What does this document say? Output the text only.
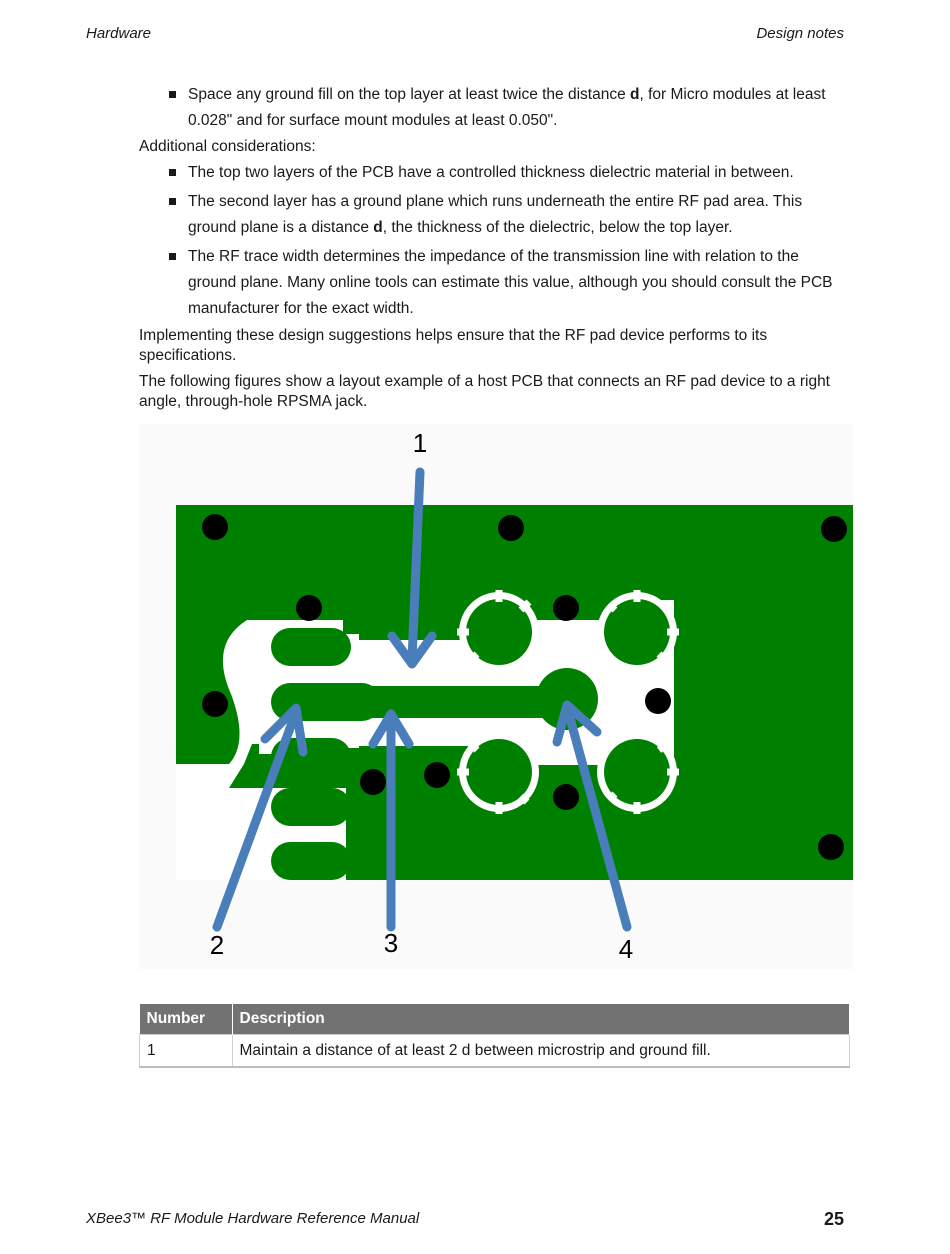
Hardware	Design notes
Space any ground fill on the top layer at least twice the distance d, for Micro modules at least 0.028" and for surface mount modules at least 0.050".

Additional considerations:

The top two layers of the PCB have a controlled thickness dielectric material in between.
The second layer has a ground plane which runs underneath the entire RF pad area. This ground plane is a distance d, the thickness of the dielectric, below the top layer.
The RF trace width determines the impedance of the transmission line with relation to the ground plane. Many online tools can estimate this value, although you should consult the PCB manufacturer for the exact width.

Implementing these design suggestions helps ensure that the RF pad device performs to its specifications.

The following figures show a layout example of a host PCB that connects an RF pad device to a right angle, through-hole RPSMA jack.

1
2	3	4
Number	Description
1	Maintain a distance of at least 2 d between microstrip and ground fill.
XBee3™ RF Module Hardware Reference Manual	25
